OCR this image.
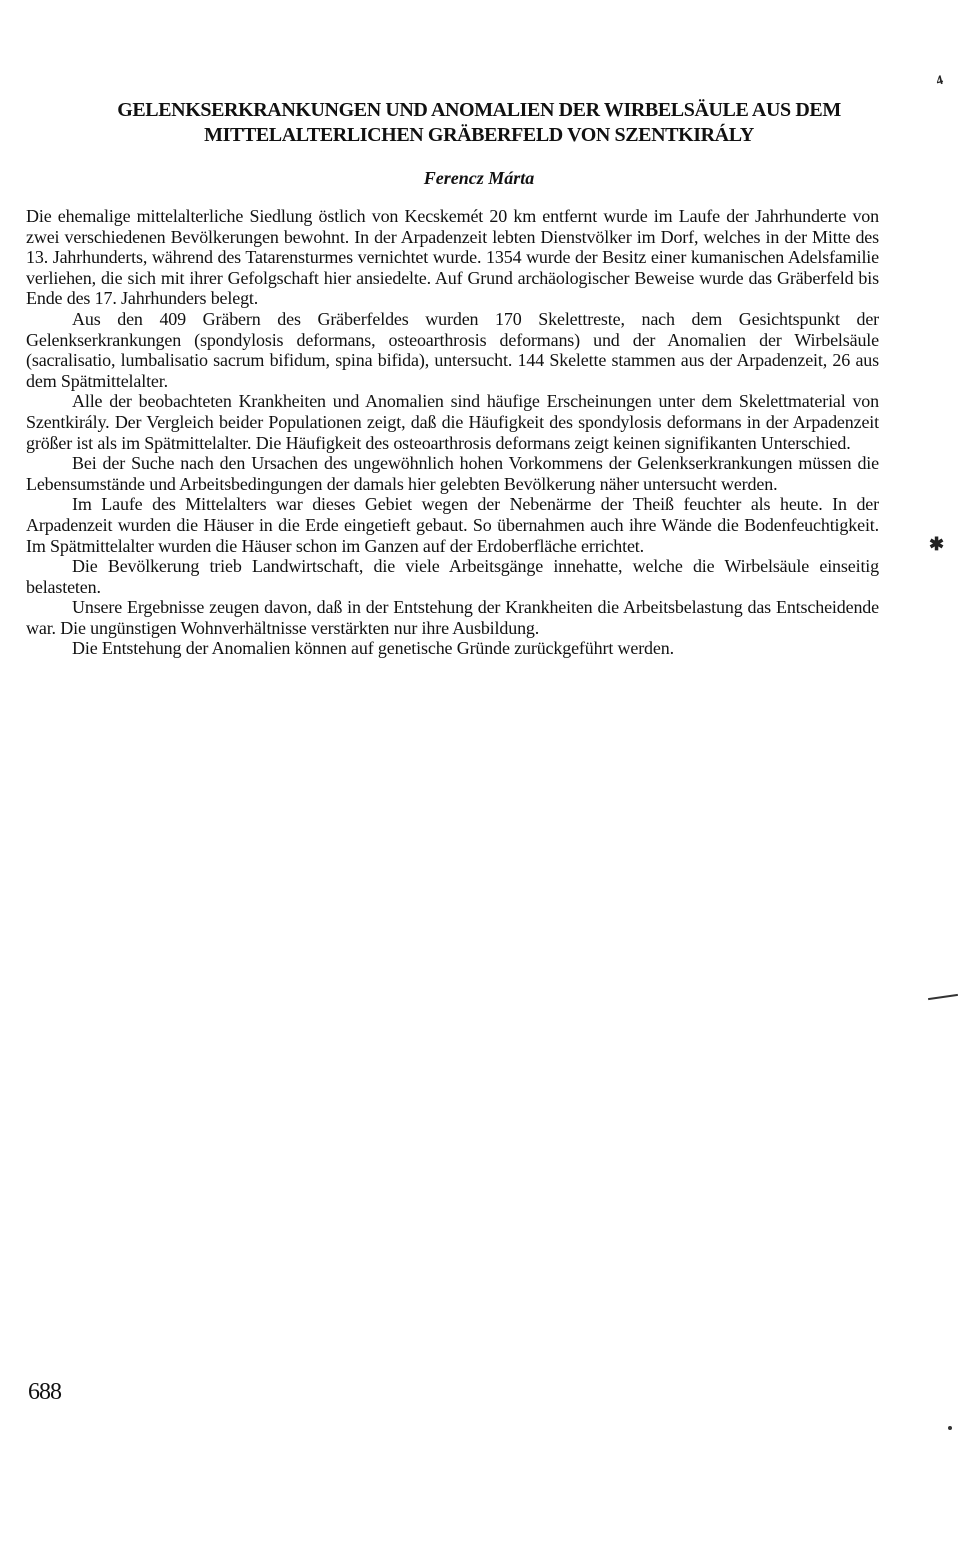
⁴
✱
GELENKSERKRANKUNGEN UND ANOMALIEN DER WIRBELSÄULE AUS DEM
MITTELALTERLICHEN GRÄBERFELD VON SZENTKIRÁLY
Ferencz Márta

Die ehemalige mittelalterliche Siedlung östlich von Kecskemét 20 km entfernt wurde im Laufe der Jahrhunderte von zwei verschiedenen Bevölkerungen bewohnt. In der Arpadenzeit lebten Dienstvölker im Dorf, welches in der Mitte des 13. Jahrhunderts, während des Tatarensturmes vernichtet wurde. 1354 wurde der Besitz einer kumanischen Adelsfamilie verliehen, die sich mit ihrer Gefolgschaft hier ansiedelte. Auf Grund archäologischer Beweise wurde das Gräberfeld bis Ende des 17. Jahrhunders belegt.

Aus den 409 Gräbern des Gräberfeldes wurden 170 Skelettreste, nach dem Gesichtspunkt der Gelenkserkrankungen (spondylosis deformans, osteoarthrosis deformans) und der Anomalien der Wirbelsäule (sacralisatio, lumbalisatio sacrum bifidum, spina bifida), untersucht. 144 Skelette stammen aus der Arpadenzeit, 26 aus dem Spätmittelalter.

Alle der beobachteten Krankheiten und Anomalien sind häufige Erscheinungen unter dem Skelettmaterial von Szentkirály. Der Vergleich beider Populationen zeigt, daß die Häufigkeit des spondylosis deformans in der Arpadenzeit größer ist als im Spätmittelalter. Die Häufigkeit des osteoarthrosis deformans zeigt keinen signifikanten Unterschied.

Bei der Suche nach den Ursachen des ungewöhnlich hohen Vorkommens der Gelenkserkrankungen müssen die Lebensumstände und Arbeitsbedingungen der damals hier gelebten Bevölkerung näher untersucht werden.

Im Laufe des Mittelalters war dieses Gebiet wegen der Nebenärme der Theiß feuchter als heute. In der Arpadenzeit wurden die Häuser in die Erde eingetieft gebaut. So übernahmen auch ihre Wände die Bodenfeuchtigkeit. Im Spätmittelalter wurden die Häuser schon im Ganzen auf der Erdoberfläche errichtet.

Die Bevölkerung trieb Landwirtschaft, die viele Arbeitsgänge innehatte, welche die Wirbelsäule einseitig belasteten.

Unsere Ergebnisse zeugen davon, daß in der Entstehung der Krankheiten die Arbeitsbelastung das Entscheidende war. Die ungünstigen Wohnverhältnisse verstärkten nur ihre Ausbildung.

Die Entstehung der Anomalien können auf genetische Gründe zurückgeführt werden.

688
